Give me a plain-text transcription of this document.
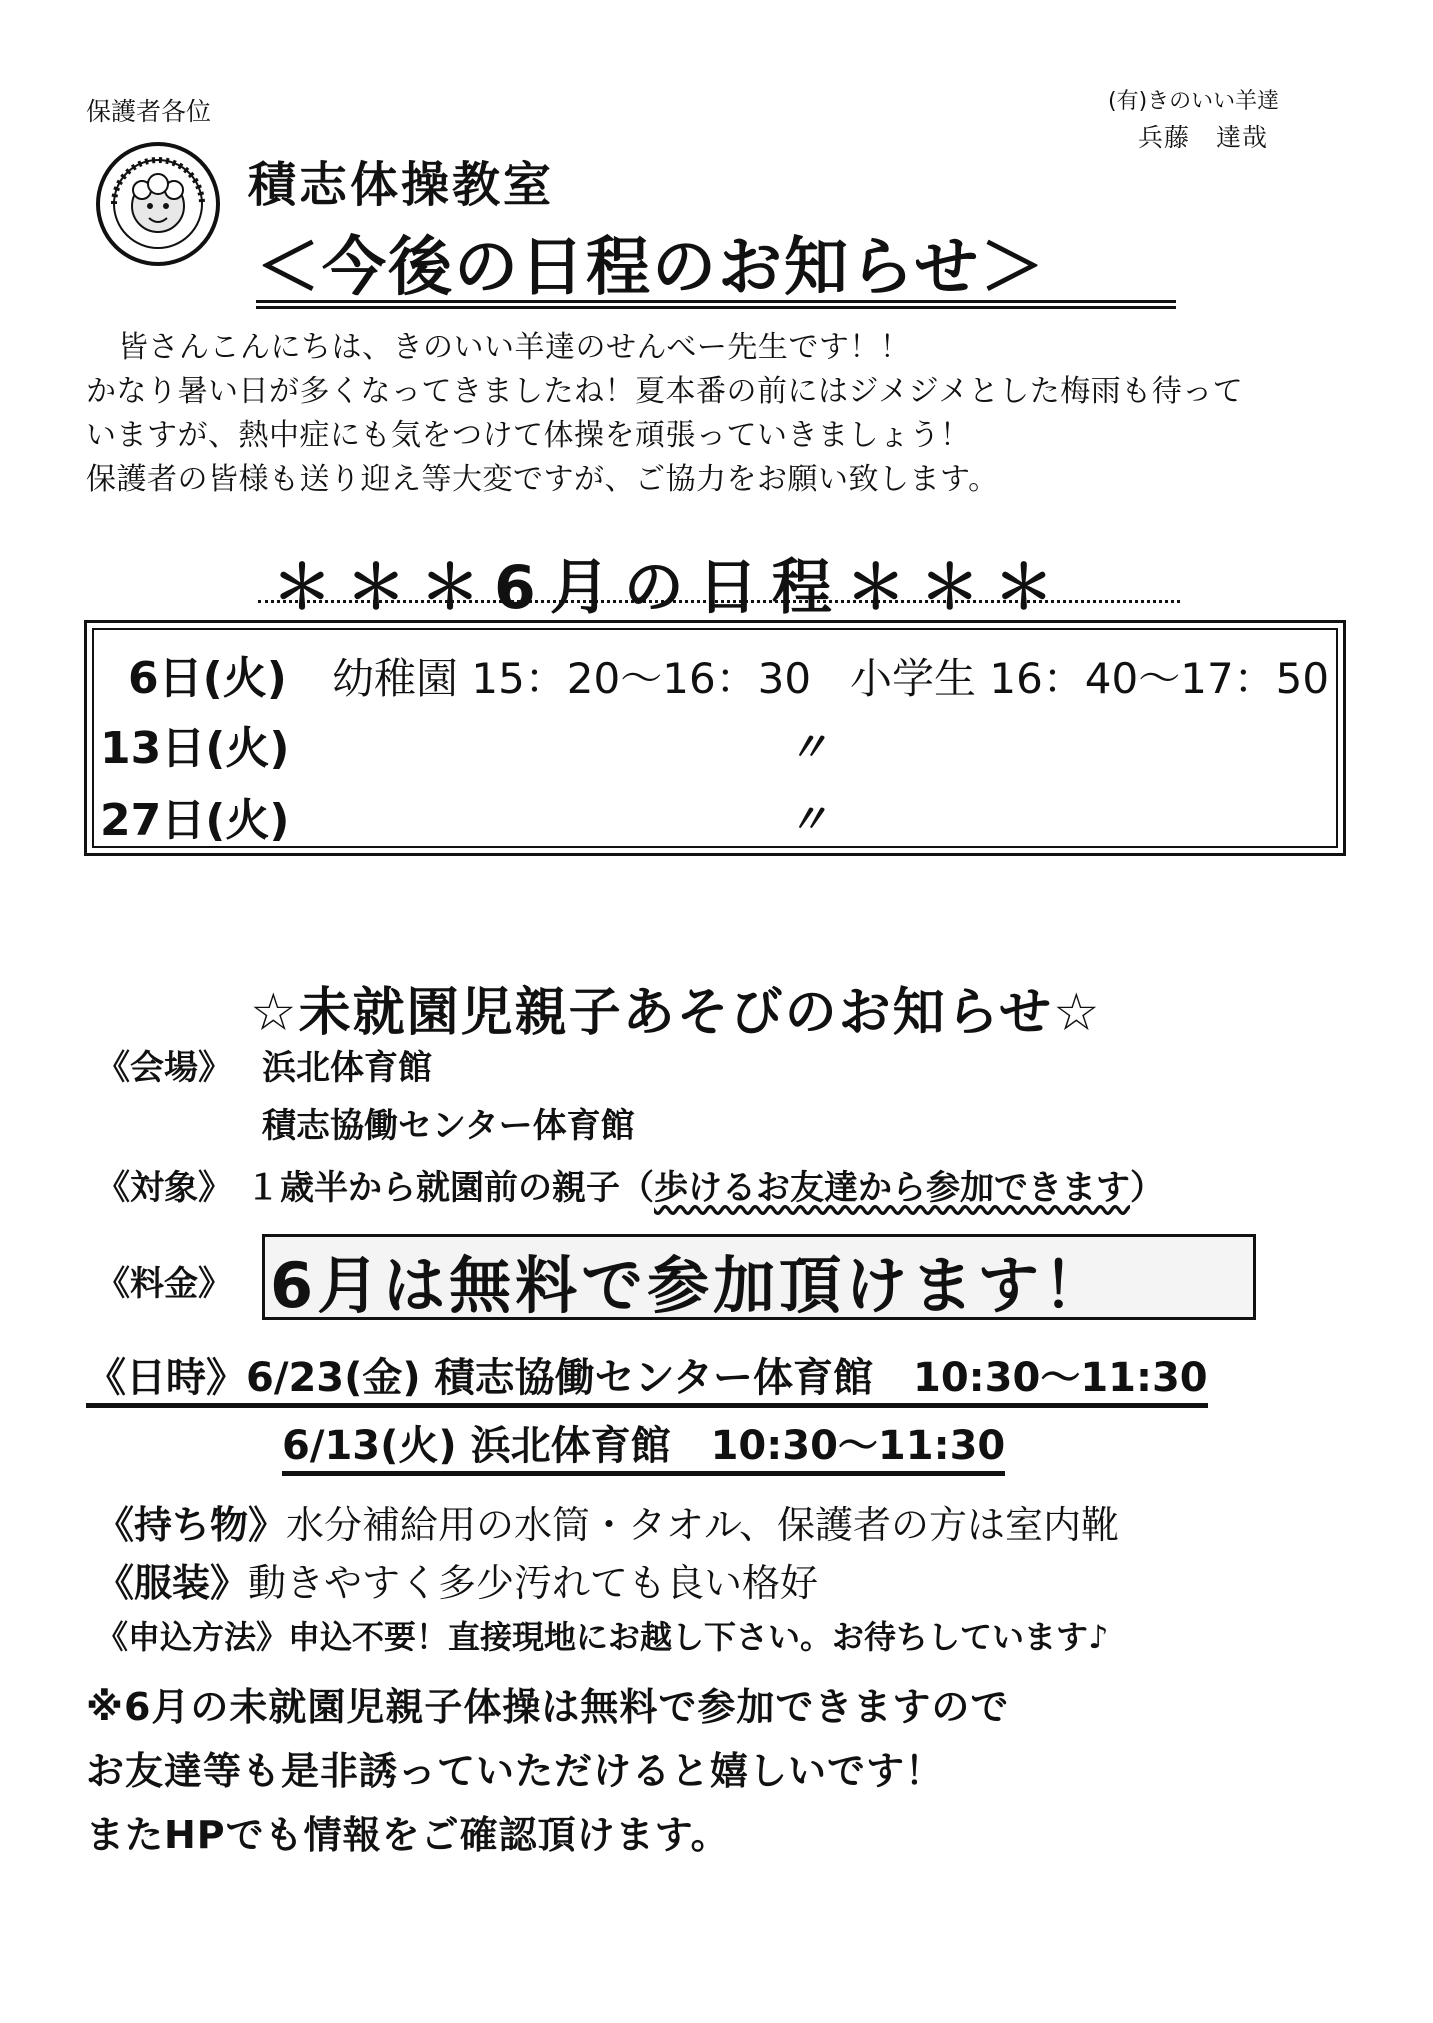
保護者各位	(有)きのいい羊達
兵藤　達哉
積志体操教室
＜今後の日程のお知らせ＞
皆さんこんにちは、きのいい羊達のせんべー先生です！！
かなり暑い日が多くなってきましたね！夏本番の前にはジメジメとした梅雨も待って
いますが、熱中症にも気をつけて体操を頑張っていきましょう！
保護者の皆様も送り迎え等大変ですが、ご協力をお願い致します。
＊＊＊6月の日程＊＊＊
6日(火) 幼稚園 15：20～16：30 小学生 16：40～17：50
13日(火)	〃
27日(火)	〃
☆未就園児親子あそびのお知らせ☆
《会場》 浜北体育館
積志協働センター体育館
《対象》 １歳半から就園前の親子（歩けるお友達から参加できます）
《料金》 6月は無料で参加頂けます！
《日時》6/23(金) 積志協働センター体育館　10:30～11:30
6/13(火) 浜北体育館　10:30～11:30
《持ち物》水分補給用の水筒・タオル、保護者の方は室内靴
《服装》動きやすく多少汚れても良い格好
《申込方法》申込不要！直接現地にお越し下さい。お待ちしています♪
※6月の未就園児親子体操は無料で参加できますので
お友達等も是非誘っていただけると嬉しいです！
またHPでも情報をご確認頂けます。
